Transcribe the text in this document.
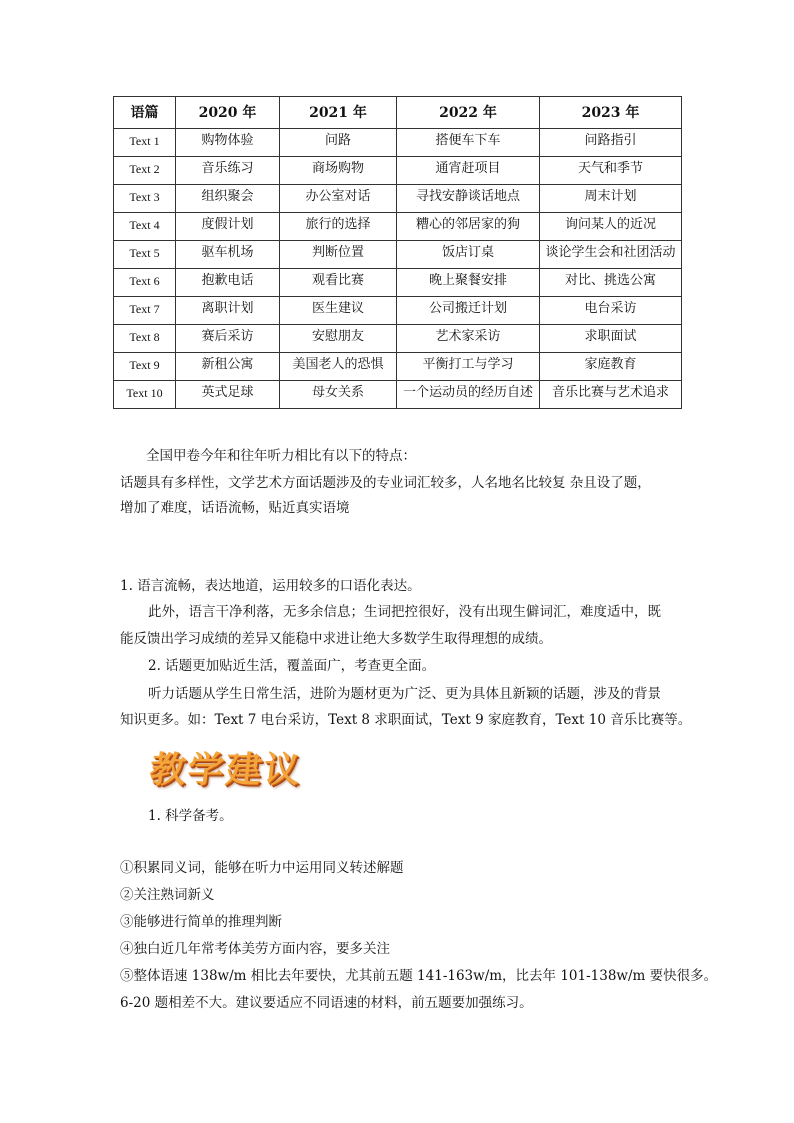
语篇	2020 年	2021 年	2022 年	2023 年
Text 1	购物体验	问路	搭便车下车	问路指引
Text 2	音乐练习	商场购物	通宵赶项目	天气和季节
Text 3	组织聚会	办公室对话	寻找安静谈话地点	周末计划
Text 4	度假计划	旅行的选择	糟心的邻居家的狗	询问某人的近况
Text 5	驱车机场	判断位置	饭店订桌	谈论学生会和社团活动
Text 6	抱歉电话	观看比赛	晚上聚餐安排	对比、挑选公寓
Text 7	离职计划	医生建议	公司搬迁计划	电台采访
Text 8	赛后采访	安慰朋友	艺术家采访	求职面试
Text 9	新租公寓	美国老人的恐惧	平衡打工与学习	家庭教育
Text 10	英式足球	母女关系	一个运动员的经历自述	音乐比赛与艺术追求
全国甲卷今年和往年听力相比有以下的特点：
话题具有多样性，文学艺术方面话题涉及的专业词汇较多，人名地名比较复 杂且设了题，
增加了难度，话语流畅，贴近真实语境
1. 语言流畅，表达地道，运用较多的口语化表达。
此外，语言干净利落，无多余信息；生词把控很好，没有出现生僻词汇，难度适中，既
能反馈出学习成绩的差异又能稳中求进让绝大多数学生取得理想的成绩。
2. 话题更加贴近生活，覆盖面广，考查更全面。
听力话题从学生日常生活，进阶为题材更为广泛、更为具体且新颖的话题，涉及的背景
知识更多。如：Text 7 电台采访，Text 8 求职面试，Text 9 家庭教育，Text 10 音乐比赛等。
教学建议
1. 科学备考。
①积累同义词，能够在听力中运用同义转述解题
②关注熟词新义
③能够进行简单的推理判断
④独白近几年常考体美劳方面内容，要多关注
⑤整体语速 138w/m 相比去年要快，尤其前五题 141-163w/m，比去年 101-138w/m 要快很多。
6-20 题相差不大。建议要适应不同语速的材料，前五题要加强练习。
